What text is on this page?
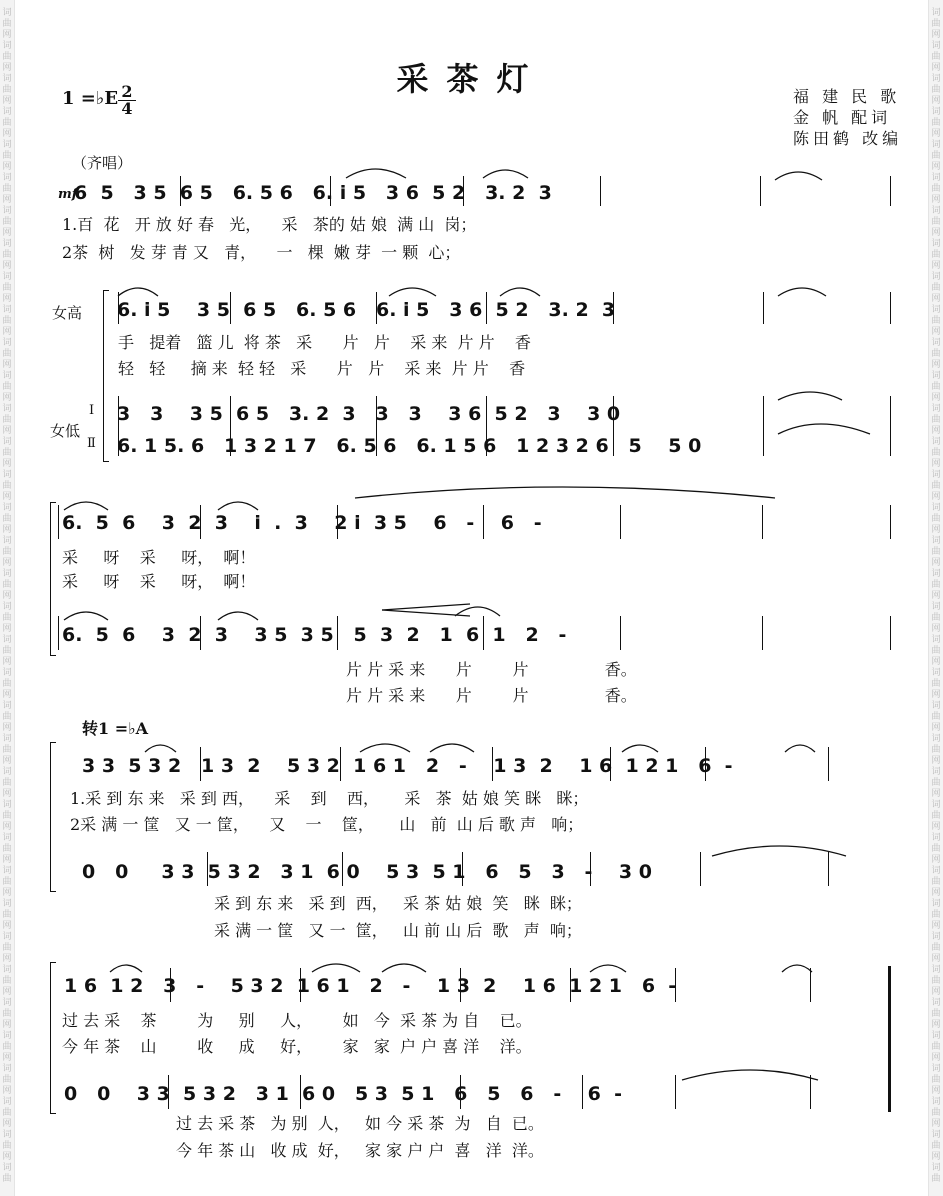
词	词
曲	曲
网	网
词	词
曲	曲
网	网
词	词
曲	曲
网	网
词	词
曲	曲
网	网
词	词
曲	曲
网	网
词	词
曲	曲
网	网
词	词
曲	曲
网	网
词	词
曲	曲
网	网
词	词
曲	曲
网	网
词	词
曲	曲
网	网
词	词
曲	曲
网	网
词	词
曲	曲
网	网
词	词
曲	曲
网	网
词	词
曲	曲
网	网
词	词
曲	曲
网	网
词	词
曲	曲
网	网
词	词
曲	曲
网	网
词	词
曲	曲
网	网
词	词
曲	曲
网	网
词	词
曲	曲
网	网
词	词
曲	曲
网	网
词	词
曲	曲
网	网
词	词
曲	曲
网	网
词	词
曲	曲
网	网
词	词
曲	曲
网	网
词	词
曲	曲
网	网
词	词
曲	曲
网	网
词	词
曲	曲
网	网
词	词
曲	曲
网	网
词	词
曲	曲
网	网
词	词
曲	曲
网	网
词	词
曲	曲
网	网
词	词
曲	曲
网	网
词	词
曲	曲
网	网
词	词
曲	曲
网	网
词	词
曲	曲
采茶灯
1 =♭E $\frac{2}{4}$	福 建 民 歌
金 帆 配词
陈田鹤 改编
（齐唱）
mf
6  5   3 5  6 5   6. 5 6   6. i 5   3 6  5 2   3. 2  3
1.百  花   开 放 好 春   光，    采   茶的 姑 娘  满 山  岗；
2茶  树   发 芽 青 又   青，    一   棵  嫩 芽  一 颗  心；
女高
女低
Ⅰ
Ⅱ
6. i 5    3 5  6 5   6. 5 6   6. i 5   3 6  5 2   3. 2  3
手   提着   篮 儿  将 茶   采      片   片    采 来  片 片    香
轻   轻     摘 来  轻 轻   采      片   片    采 来  片 片    香
3   3    3 5  6 5   3. 2  3   3   3    3 6  5 2   3    3 0
6. 1 5. 6   1 3 2 1 7   6. 5 6   6. 1 5 6   1 2 3 2 6   5    5 0
6.  5  6    3  2  3    i  .  3    2 i  3 5    6   -    6   -
采     呀    采     呀，  啊！
采     呀    采     呀，  啊！
6.  5  6    3  2  3    3 5  3 5   5  3  2   1  6  1   2   -
片 片 采 来      片        片               香。
片 片 采 来      片        片               香。
转1 =♭A
3 3  5 3 2   1 3  2    5 3 2  1 6 1   2   -    1 3  2    1 6  1 2 1   6  -
1.采 到 东 来   采 到 西，    采    到    西，     采   茶  姑 娘 笑 眯   眯；
2采 满 一 筐   又 一 筐，    又    一    筐，     山   前  山 后 歌 声   响；
0   0     3 3  5 3 2   3 1  6 0    5 3  5 1   6   5   3   -    3 0
采 到 东 来   采 到  西，   采 茶 姑 娘  笑   眯  眯；
采 满 一 筐   又 一  筐，   山 前 山 后  歌   声  响；
1 6  1 2   3   -    5 3 2  1 6 1   2   -    1 3  2    1 6  1 2 1   6  -
过 去 采    茶        为     别     人，      如   今  采 茶 为 自    已。
今 年 茶    山        收     成     好，      家   家  户 户 喜 洋    洋。
0   0    3 3  5 3 2   3 1  6 0   5 3  5 1   6   5   6   -    6  -
过 去 采 茶   为 别  人，   如 今 采 茶  为   自  已。
今 年 茶 山   收 成  好，   家 家 户 户  喜   洋  洋。
